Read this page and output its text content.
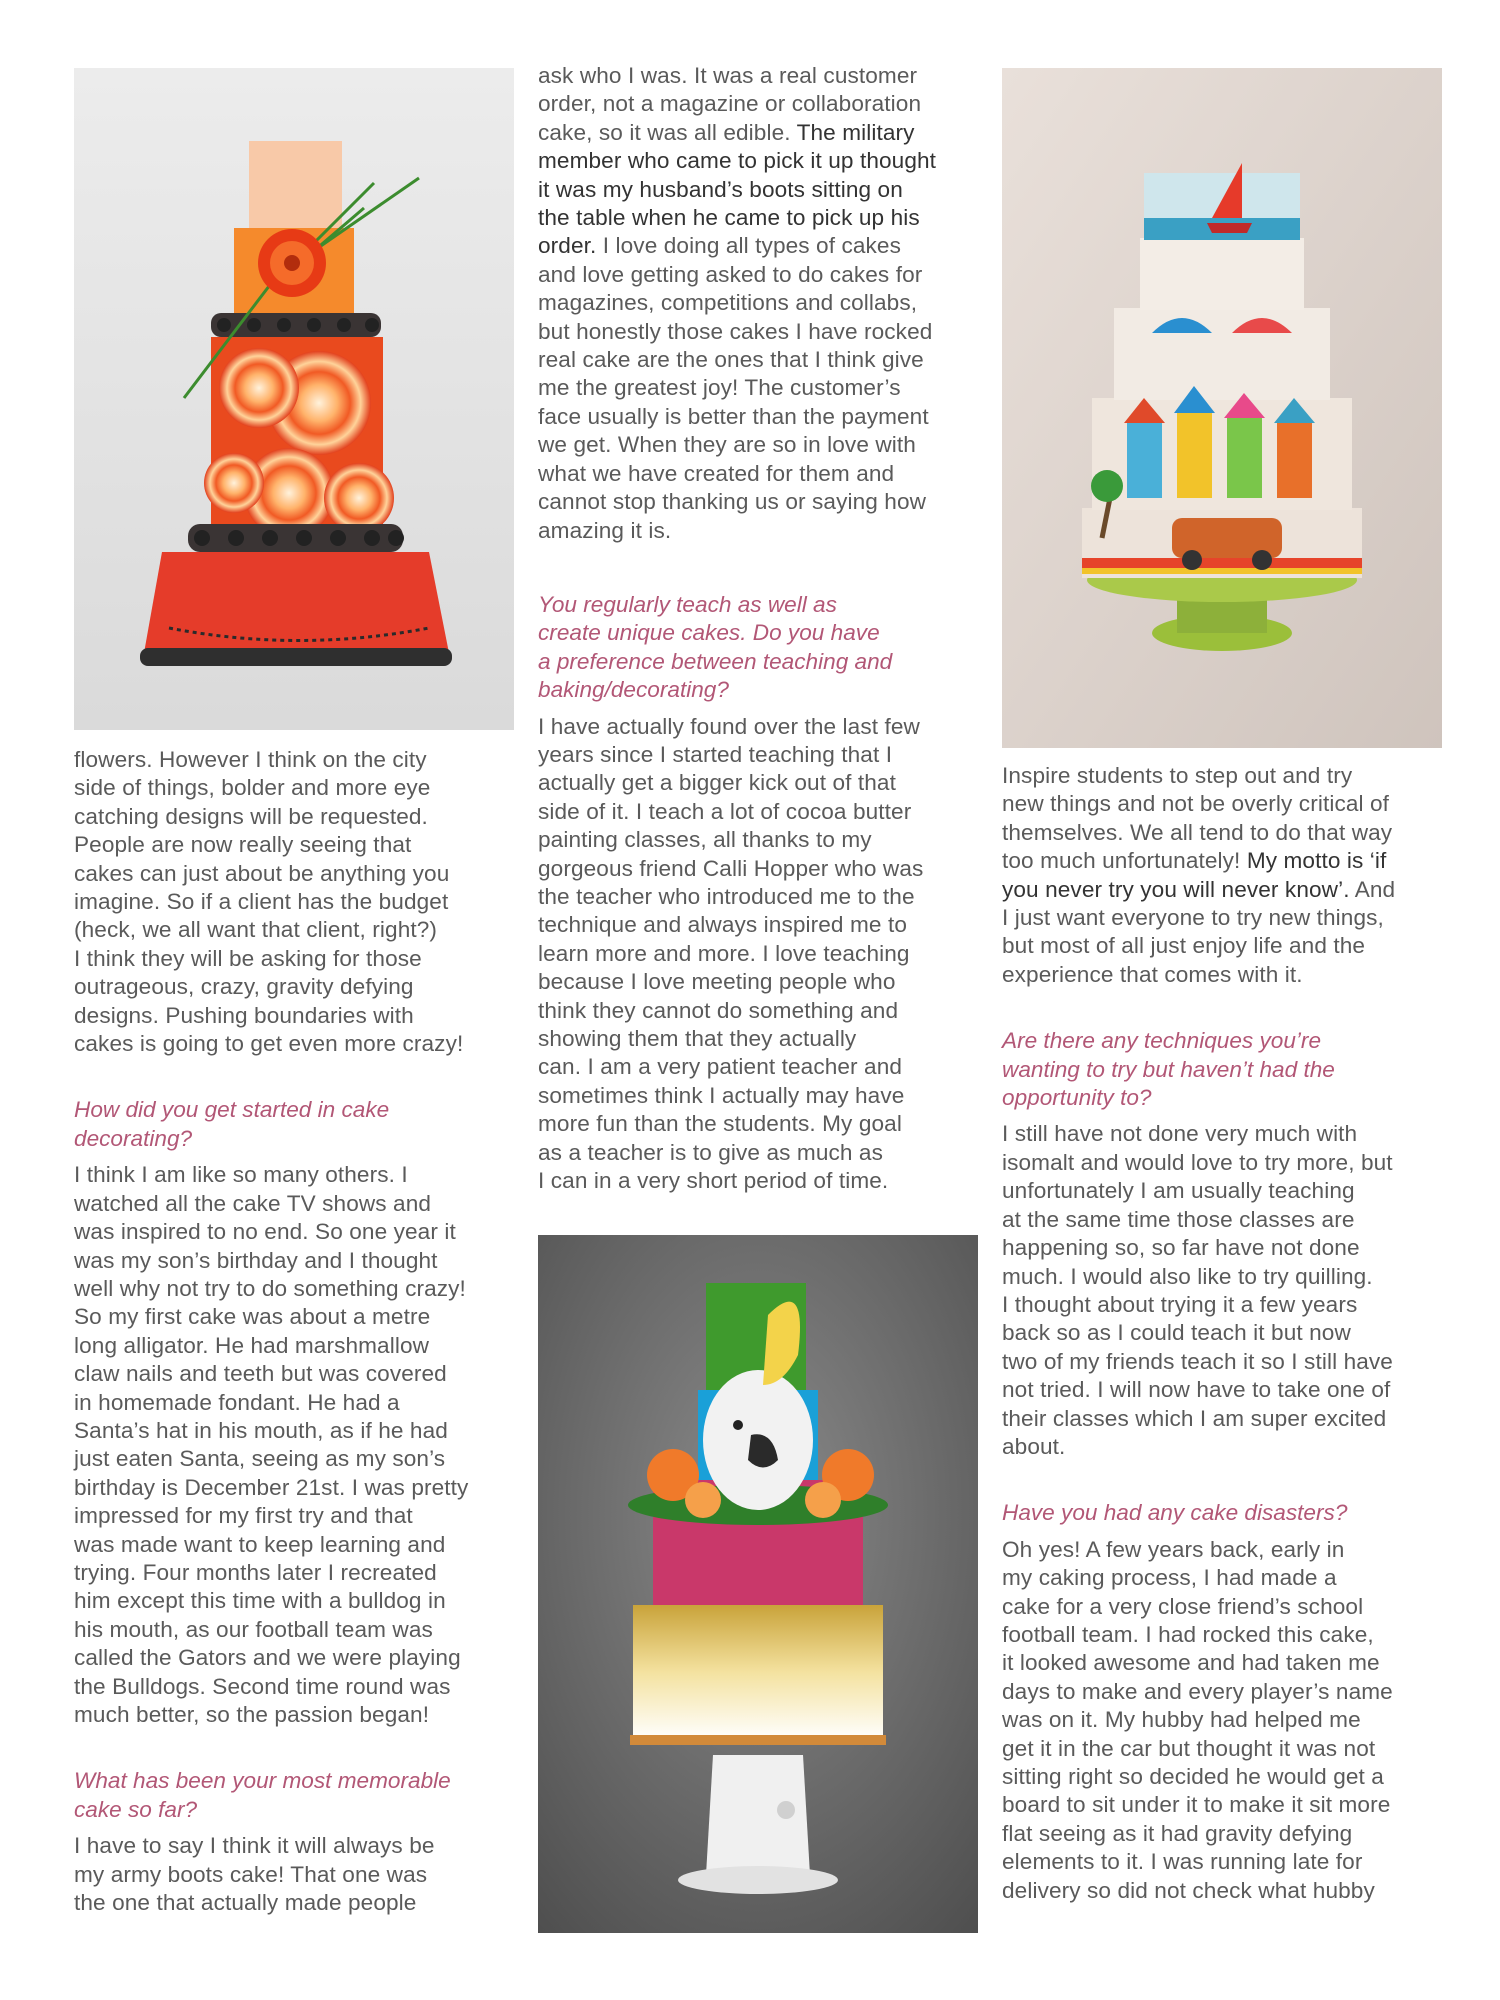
flowers. However I think on the city
side of things, bolder and more eye
catching designs will be requested.
People are now really seeing that
cakes can just about be anything you
imagine. So if a client has the budget
(heck, we all want that client, right?)
I think they will be asking for those
outrageous, crazy, gravity defying
designs. Pushing boundaries with
cakes is going to get even more crazy!

How did you get started in cake
decorating?

I think I am like so many others. I
watched all the cake TV shows and
was inspired to no end. So one year it
was my son’s birthday and I thought
well why not try to do something crazy!
So my first cake was about a metre
long alligator. He had marshmallow
claw nails and teeth but was covered
in homemade fondant. He had a
Santa’s hat in his mouth, as if he had
just eaten Santa, seeing as my son’s
birthday is December 21st. I was pretty
impressed for my first try and that
was made want to keep learning and
trying. Four months later I recreated
him except this time with a bulldog in
his mouth, as our football team was
called the Gators and we were playing
the Bulldogs. Second time round was
much better, so the passion began!

What has been your most memorable
cake so far?

I have to say I think it will always be
my army boots cake! That one was
the one that actually made people

ask who I was. It was a real customer
order, not a magazine or collaboration
cake, so it was all edible. The military
member who came to pick it up thought
it was my husband’s boots sitting on
the table when he came to pick up his
order. I love doing all types of cakes
and love getting asked to do cakes for
magazines, competitions and collabs,
but honestly those cakes I have rocked
real cake are the ones that I think give
me the greatest joy! The customer’s
face usually is better than the payment
we get. When they are so in love with
what we have created for them and
cannot stop thanking us or saying how
amazing it is.

You regularly teach as well as
create unique cakes. Do you have
a preference between teaching and
baking/decorating?

I have actually found over the last few
years since I started teaching that I
actually get a bigger kick out of that
side of it. I teach a lot of cocoa butter
painting classes, all thanks to my
gorgeous friend Calli Hopper who was
the teacher who introduced me to the
technique and always inspired me to
learn more and more. I love teaching
because I love meeting people who
think they cannot do something and
showing them that they actually
can. I am a very patient teacher and
sometimes think I actually may have
more fun than the students. My goal
as a teacher is to give as much as
I can in a very short period of time.

Inspire students to step out and try
new things and not be overly critical of
themselves. We all tend to do that way
too much unfortunately! My motto is ‘if
you never try you will never know’. And
I just want everyone to try new things,
but most of all just enjoy life and the
experience that comes with it.

Are there any techniques you’re
wanting to try but haven’t had the
opportunity to?

I still have not done very much with
isomalt and would love to try more, but
unfortunately I am usually teaching
at the same time those classes are
happening so, so far have not done
much. I would also like to try quilling.
I thought about trying it a few years
back so as I could teach it but now
two of my friends teach it so I still have
not tried. I will now have to take one of
their classes which I am super excited
about.

Have you had any cake disasters?

Oh yes! A few years back, early in
my caking process, I had made a
cake for a very close friend’s school
football team. I had rocked this cake,
it looked awesome and had taken me
days to make and every player’s name
was on it. My hubby had helped me
get it in the car but thought it was not
sitting right so decided he would get a
board to sit under it to make it sit more
flat seeing as it had gravity defying
elements to it. I was running late for
delivery so did not check what hubby
